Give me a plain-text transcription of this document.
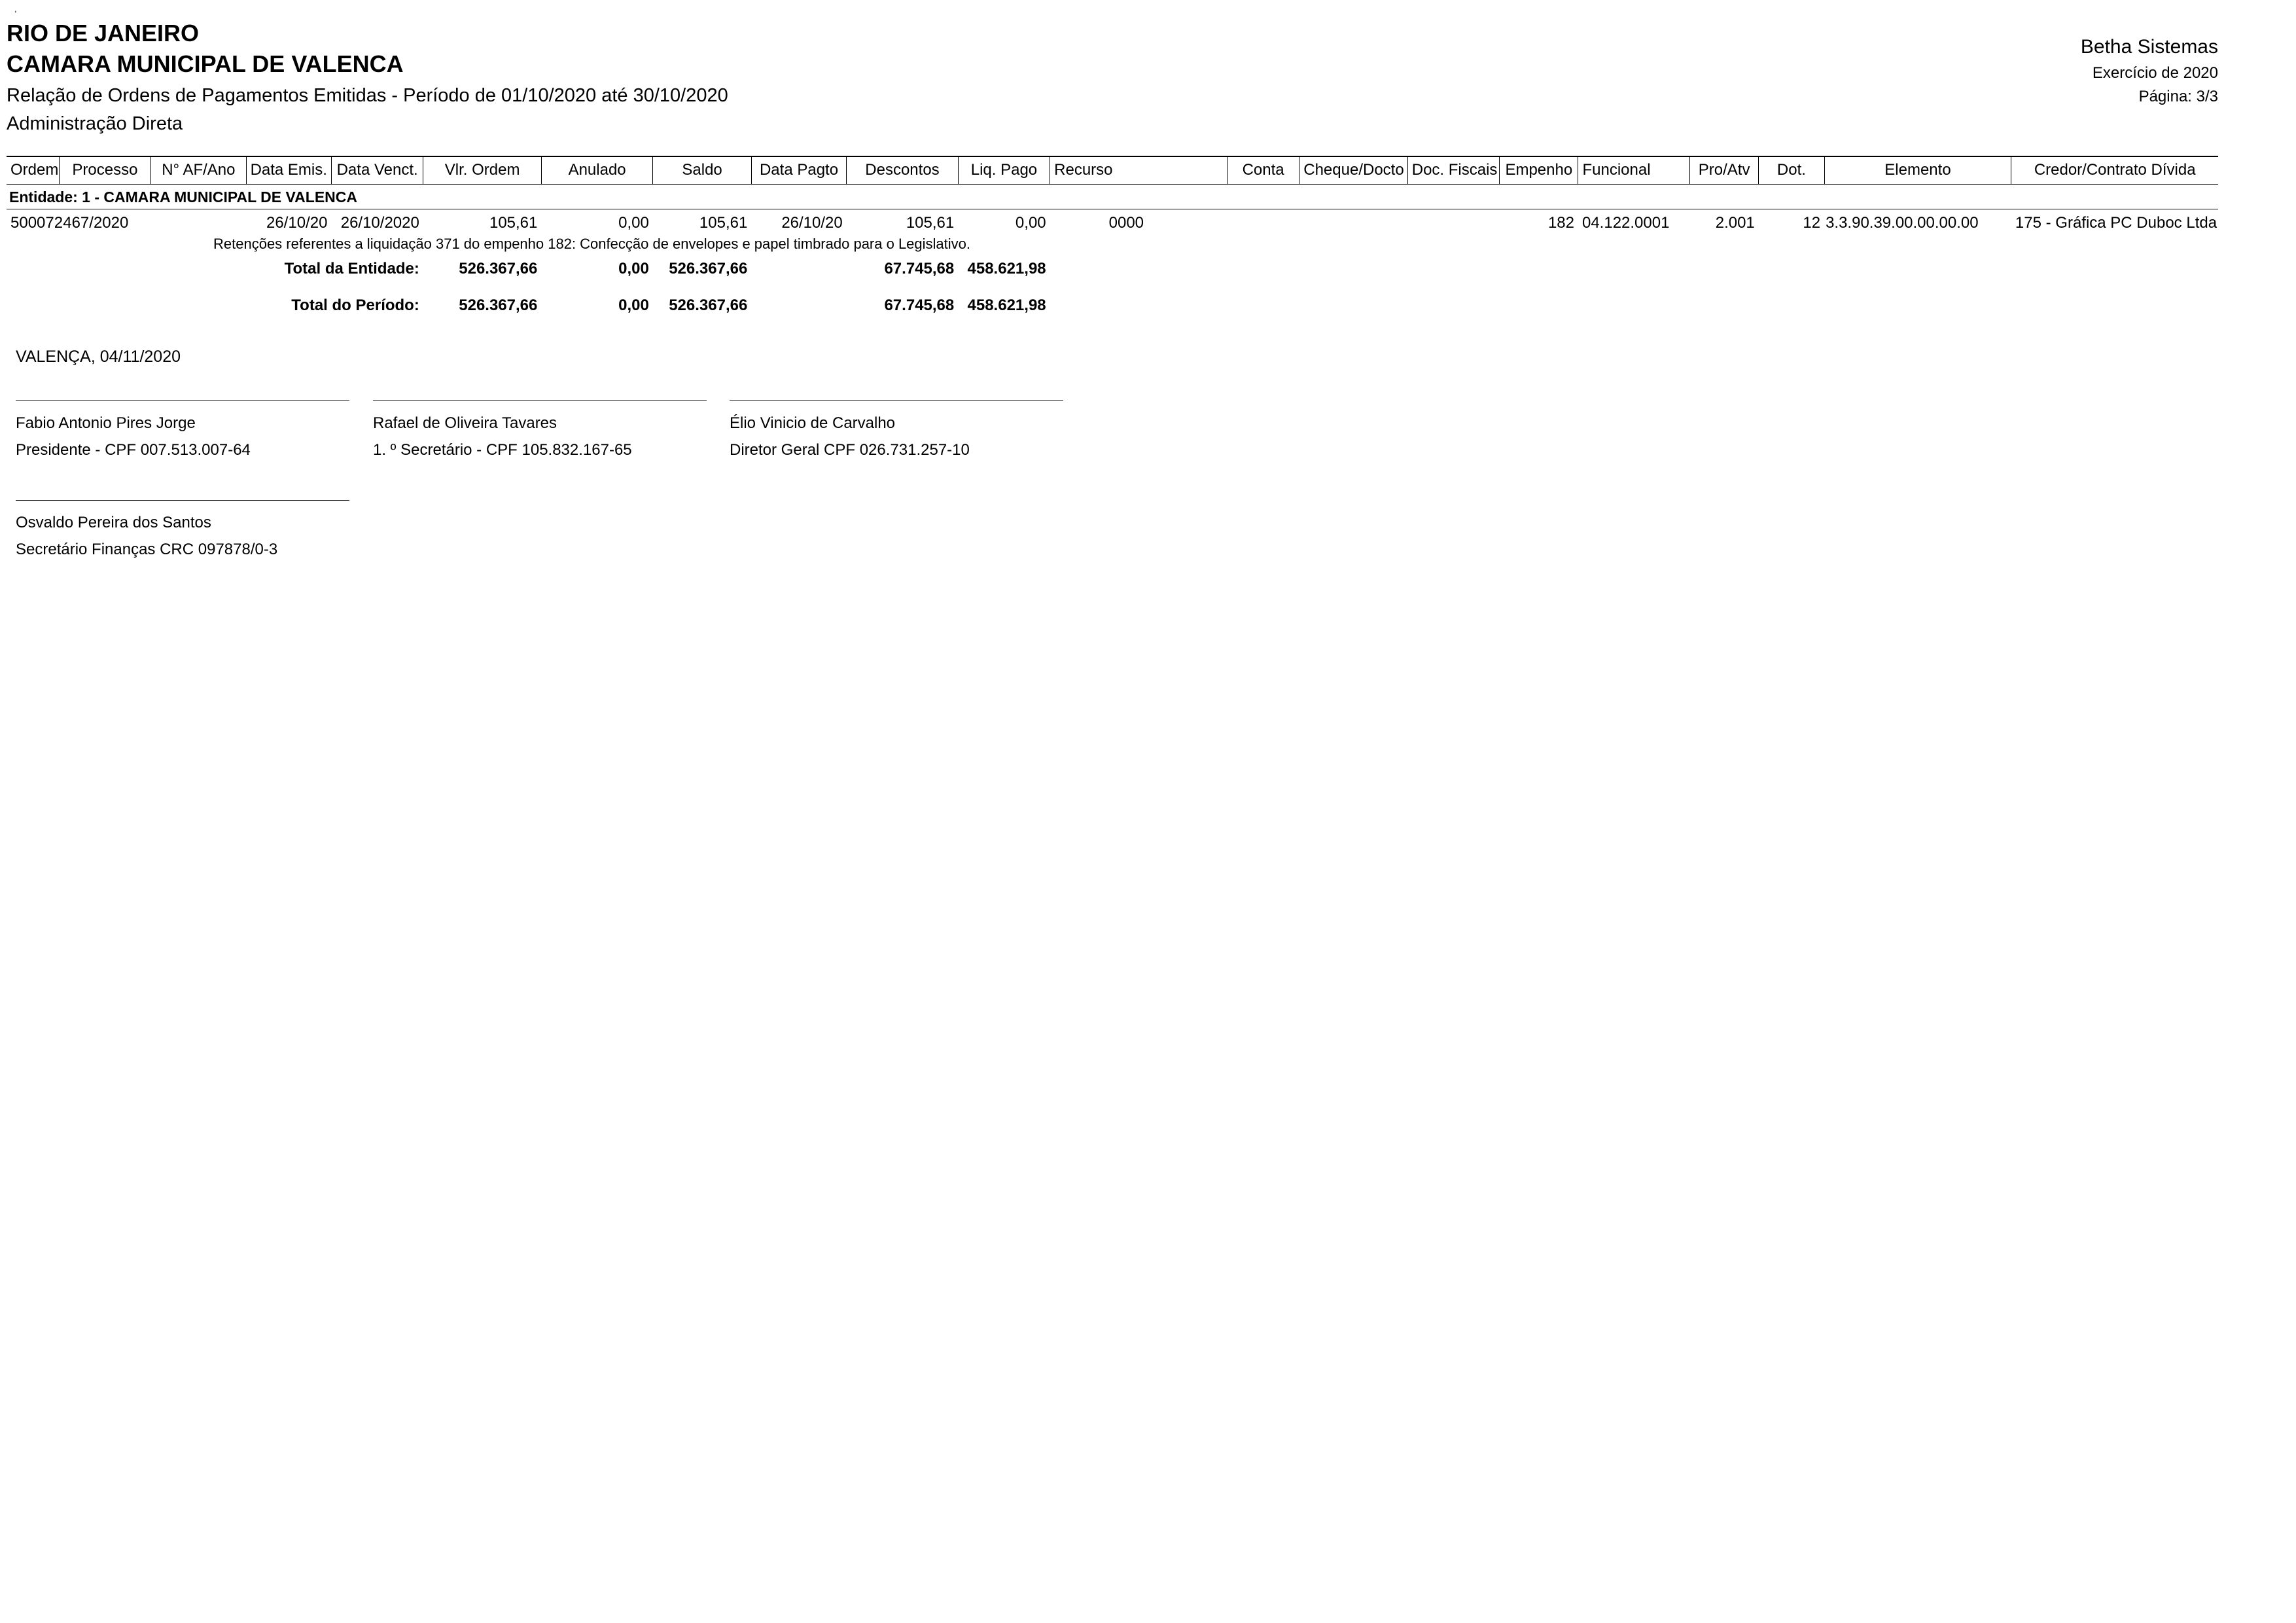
,
RIO DE JANEIRO
CAMARA MUNICIPAL DE VALENCA
Relação de Ordens de Pagamentos Emitidas - Período de 01/10/2020 até 30/10/2020
Administração Direta
Betha Sistemas
Exercício de 2020
Página: 3/3
Ordem	Processo	N° AF/Ano	Data Emis.	Data Venct.	Vlr. Ordem	Anulado	Saldo	Data Pagto	Descontos	Liq. Pago	Recurso	Conta	Cheque/Docto	Doc. Fiscais	Empenho	Funcional	Pro/Atv	Dot.	Elemento	Credor/Contrato Dívida
Entidade: 1 - CAMARA MUNICIPAL DE VALENCA																				
500072	467/2020		26/10/20	26/10/2020	105,61	0,00	105,61	26/10/20	105,61	0,00	0000				182	04.122.0001	2.001	12	3.3.90.39.00.00.00.00	175 - Gráfica PC Duboc Ltda

Retenções referentes a liquidação 371 do empenho 182: Confecção de envelopes e papel timbrado para o Legislativo.																				

Total da Entidade:					526.367,66	0,00	526.367,66		67.745,68	458.621,98										
Total do Período:					526.367,66	0,00	526.367,66		67.745,68	458.621,98										
VALENÇA, 04/11/2020
Fabio Antonio Pires Jorge
Presidente - CPF 007.513.007-64
Rafael de Oliveira Tavares
1. º Secretário - CPF 105.832.167-65
Élio Vinicio de Carvalho
Diretor Geral CPF 026.731.257-10
Osvaldo Pereira dos Santos
Secretário Finanças CRC 097878/0-3
